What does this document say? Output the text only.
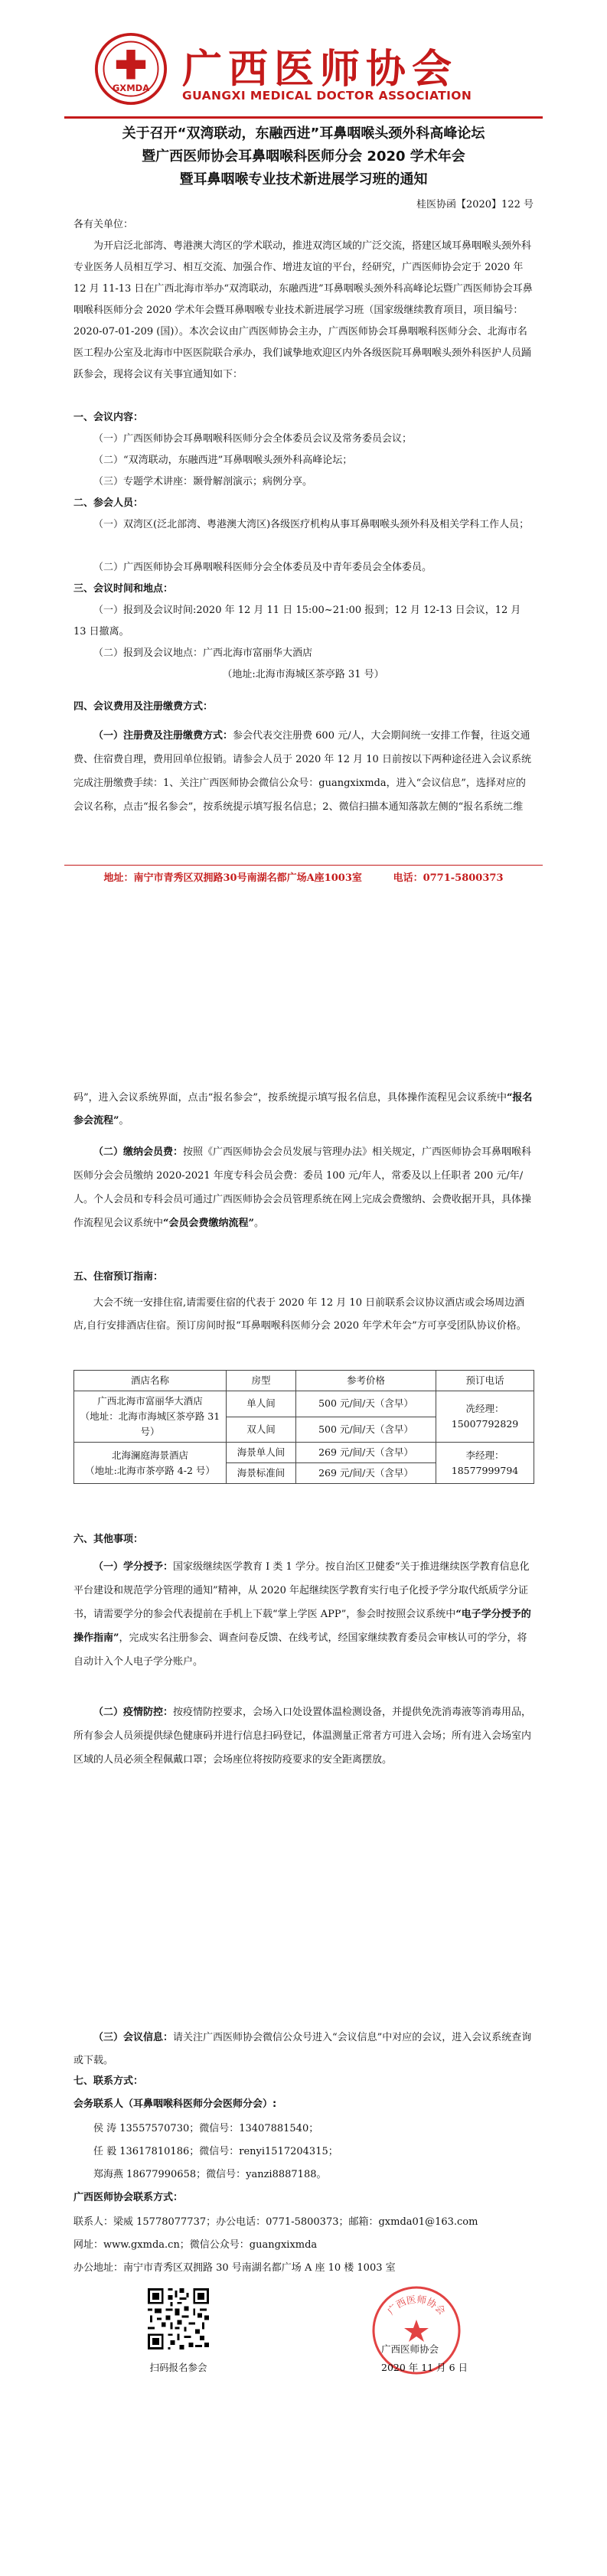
GXMDA 广西医师协会
GUANGXI MEDICAL DOCTOR ASSOCIATION
关于召开“双湾联动，东融西进”耳鼻咽喉头颈外科高峰论坛
暨广西医师协会耳鼻咽喉科医师分会 2020 学术年会
暨耳鼻咽喉专业技术新进展学习班的通知
桂医协函【2020】122 号
各有关单位：
为开启泛北部湾、粤港澳大湾区的学术联动，推进双湾区域的广泛交流，搭建区域耳鼻咽喉头颈外科专业医务人员相互学习、相互交流、加强合作、增进友谊的平台，经研究，广西医师协会定于 2020 年 12 月 11-13 日在广西北海市举办“双湾联动，东融西进”耳鼻咽喉头颈外科高峰论坛暨广西医师协会耳鼻咽喉科医师分会 2020 学术年会暨耳鼻咽喉专业技术新进展学习班（国家级继续教育项目，项目编号：2020-07-01-209 (国)）。本次会议由广西医师协会主办，广西医师协会耳鼻咽喉科医师分会、北海市名医工程办公室及北海市中医医院联合承办，我们诚挚地欢迎区内外各级医院耳鼻咽喉头颈外科医护人员踊跃参会，现将会议有关事宜通知如下：
一、会议内容：
（一）广西医师协会耳鼻咽喉科医师分会全体委员会议及常务委员会议；
（二）“双湾联动，东融西进”耳鼻咽喉头颈外科高峰论坛；
（三）专题学术讲座：颞骨解剖演示；病例分享。
二、参会人员：
（一）双湾区(泛北部湾、粤港澳大湾区)各级医疗机构从事耳鼻咽喉头颈外科及相关学科工作人员；
（二）广西医师协会耳鼻咽喉科医师分会全体委员及中青年委员会全体委员。
三、会议时间和地点：
（一）报到及会议时间:2020 年 12 月 11 日 15:00~21:00 报到；12 月 12-13 日会议，12 月 13 日撤离。
（二）报到及会议地点：广西北海市富丽华大酒店
（地址:北海市海城区茶亭路 31 号）
四、会议费用及注册缴费方式：
（一）注册费及注册缴费方式：参会代表交注册费 600 元/人，大会期间统一安排工作餐，往返交通费、住宿费自理，费用回单位报销。请参会人员于 2020 年 12 月 10 日前按以下两种途径进入会议系统完成注册缴费手续：1、关注广西医师协会微信公众号：guangxixmda，进入“会议信息”，选择对应的会议名称，点击“报名参会”，按系统提示填写报名信息；2、微信扫描本通知落款左侧的“报名系统二维
地址：南宁市青秀区双拥路30号南湖名都广场A座1003室	电话：0771-5800373
码”，进入会议系统界面，点击“报名参会”，按系统提示填写报名信息，具体操作流程见会议系统中“报名参会流程”。
（二）缴纳会员费：按照《广西医师协会会员发展与管理办法》相关规定，广西医师协会耳鼻咽喉科医师分会会员缴纳 2020-2021 年度专科会员会费：委员 100 元/年人，常委及以上任职者 200 元/年/人。个人会员和专科会员可通过广西医师协会会员管理系统在网上完成会费缴纳、会费收据开具，具体操作流程见会议系统中“会员会费缴纳流程”。
五、住宿预订指南：
大会不统一安排住宿,请需要住宿的代表于 2020 年 12 月 10 日前联系会议协议酒店或会场周边酒店,自行安排酒店住宿。预订房间时报“耳鼻咽喉科医师分会 2020 年学术年会”方可享受团队协议价格。
酒店名称	房型	参考价格	预订电话

广西北海市富丽华大酒店
（地址：北海市海城区茶亭路 31 号）	单人间	500 元/间/天（含早）	冼经理：15007792829
	双人间	500 元/间/天（含早）	

北海澜庭海景酒店
（地址:北海市茶亭路 4-2 号）	海景单人间	269 元/间/天（含早）	李经理：18577999794
	海景标准间	269 元/间/天（含早）	
六、其他事项：
（一）学分授予：国家级继续医学教育 I 类 1 学分。按自治区卫健委“关于推进继续医学教育信息化平台建设和规范学分管理的通知”精神，从 2020 年起继续医学教育实行电子化授予学分取代纸质学分证书，请需要学分的参会代表提前在手机上下载“掌上学医 APP”，参会时按照会议系统中“电子学分授予的操作指南”，完成实名注册参会、调查问卷反馈、在线考试，经国家继续教育委员会审核认可的学分，将自动计入个人电子学分账户。
（二）疫情防控：按疫情防控要求，会场入口处设置体温检测设备，并提供免洗消毒液等消毒用品，所有参会人员须提供绿色健康码并进行信息扫码登记，体温测量正常者方可进入会场；所有进入会场室内区域的人员必须全程佩戴口罩；会场座位将按防疫要求的安全距离摆放。
（三）会议信息：请关注广西医师协会微信公众号进入“会议信息”中对应的会议，进入会议系统查询或下载。
七、联系方式：
会务联系人（耳鼻咽喉科医师分会医师分会）:
侯 涛 13557570730；微信号：13407881540；
任 毅 13617810186；微信号：renyi1517204315；
郑海燕 18677990658；微信号：yanzi8887188。
广西医师协会联系方式：
联系人：梁威 15778077737；办公电话：0771-5800373；邮箱：gxmda01@163.com
网址：www.gxmda.cn；微信公众号：guangxixmda
办公地址：南宁市青秀区双拥路 30 号南湖名都广场 A 座 10 楼 1003 室
扫码报名参会
广西医师协会
广西医师协会
2020 年 11 月 6 日
